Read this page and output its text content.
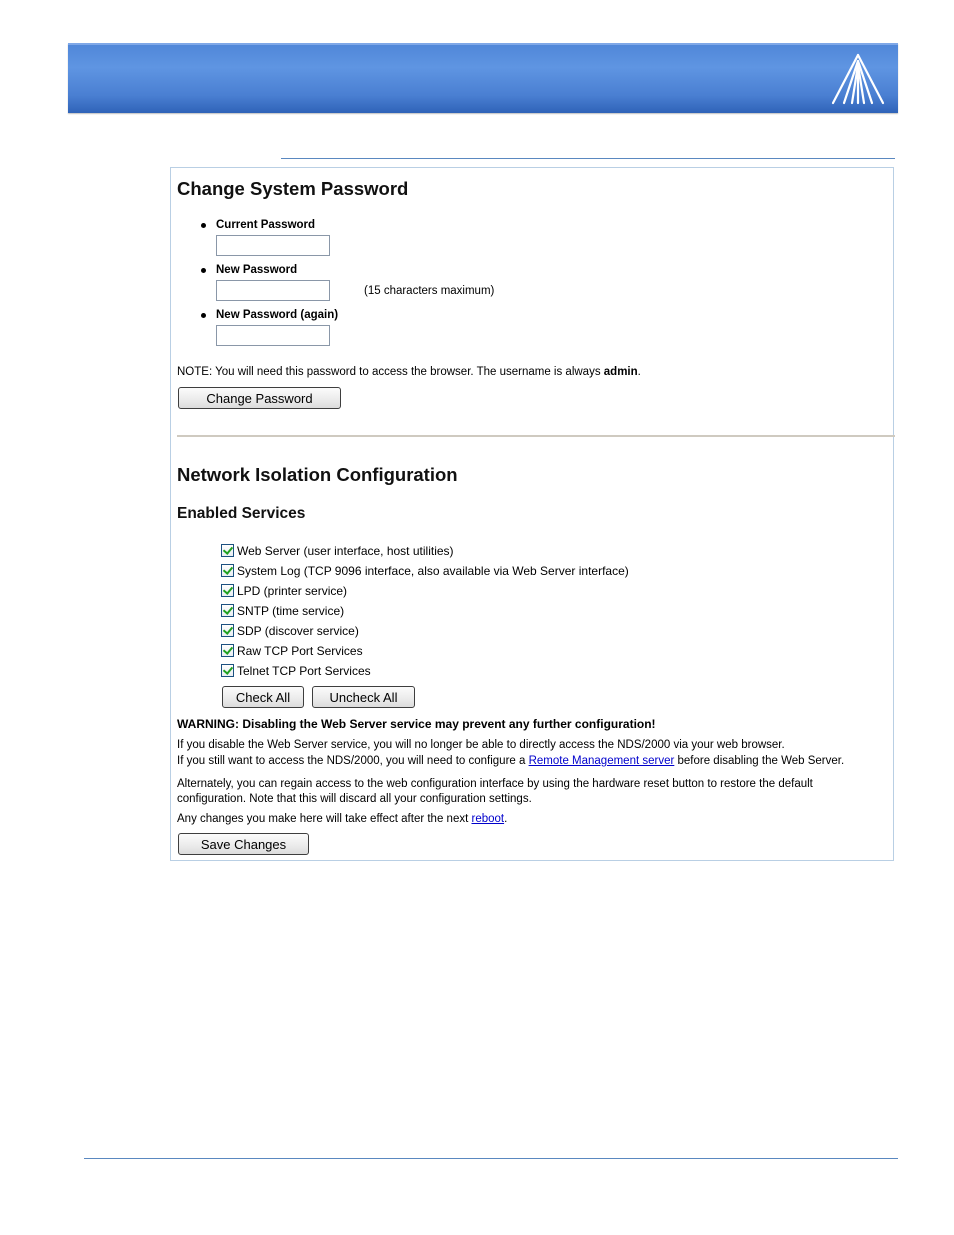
Change System Password
Current Password
New Password
(15 characters maximum)
New Password (again)
NOTE: You will need this password to access the browser. The username is always admin.
Change Password
Network Isolation Configuration
Enabled Services
Web Server (user interface, host utilities)
System Log (TCP 9096 interface, also available via Web Server interface)
LPD (printer service)
SNTP (time service)
SDP (discover service)
Raw TCP Port Services
Telnet TCP Port Services
Check All	Uncheck All
WARNING: Disabling the Web Server service may prevent any further configuration!
If you disable the Web Server service, you will no longer be able to directly access the NDS/2000 via your web browser.
If you still want to access the NDS/2000, you will need to configure a Remote Management server before disabling the Web Server.
Alternately, you can regain access to the web configuration interface by using the hardware reset button to restore the default
configuration. Note that this will discard all your configuration settings.
Any changes you make here will take effect after the next reboot.
Save Changes
